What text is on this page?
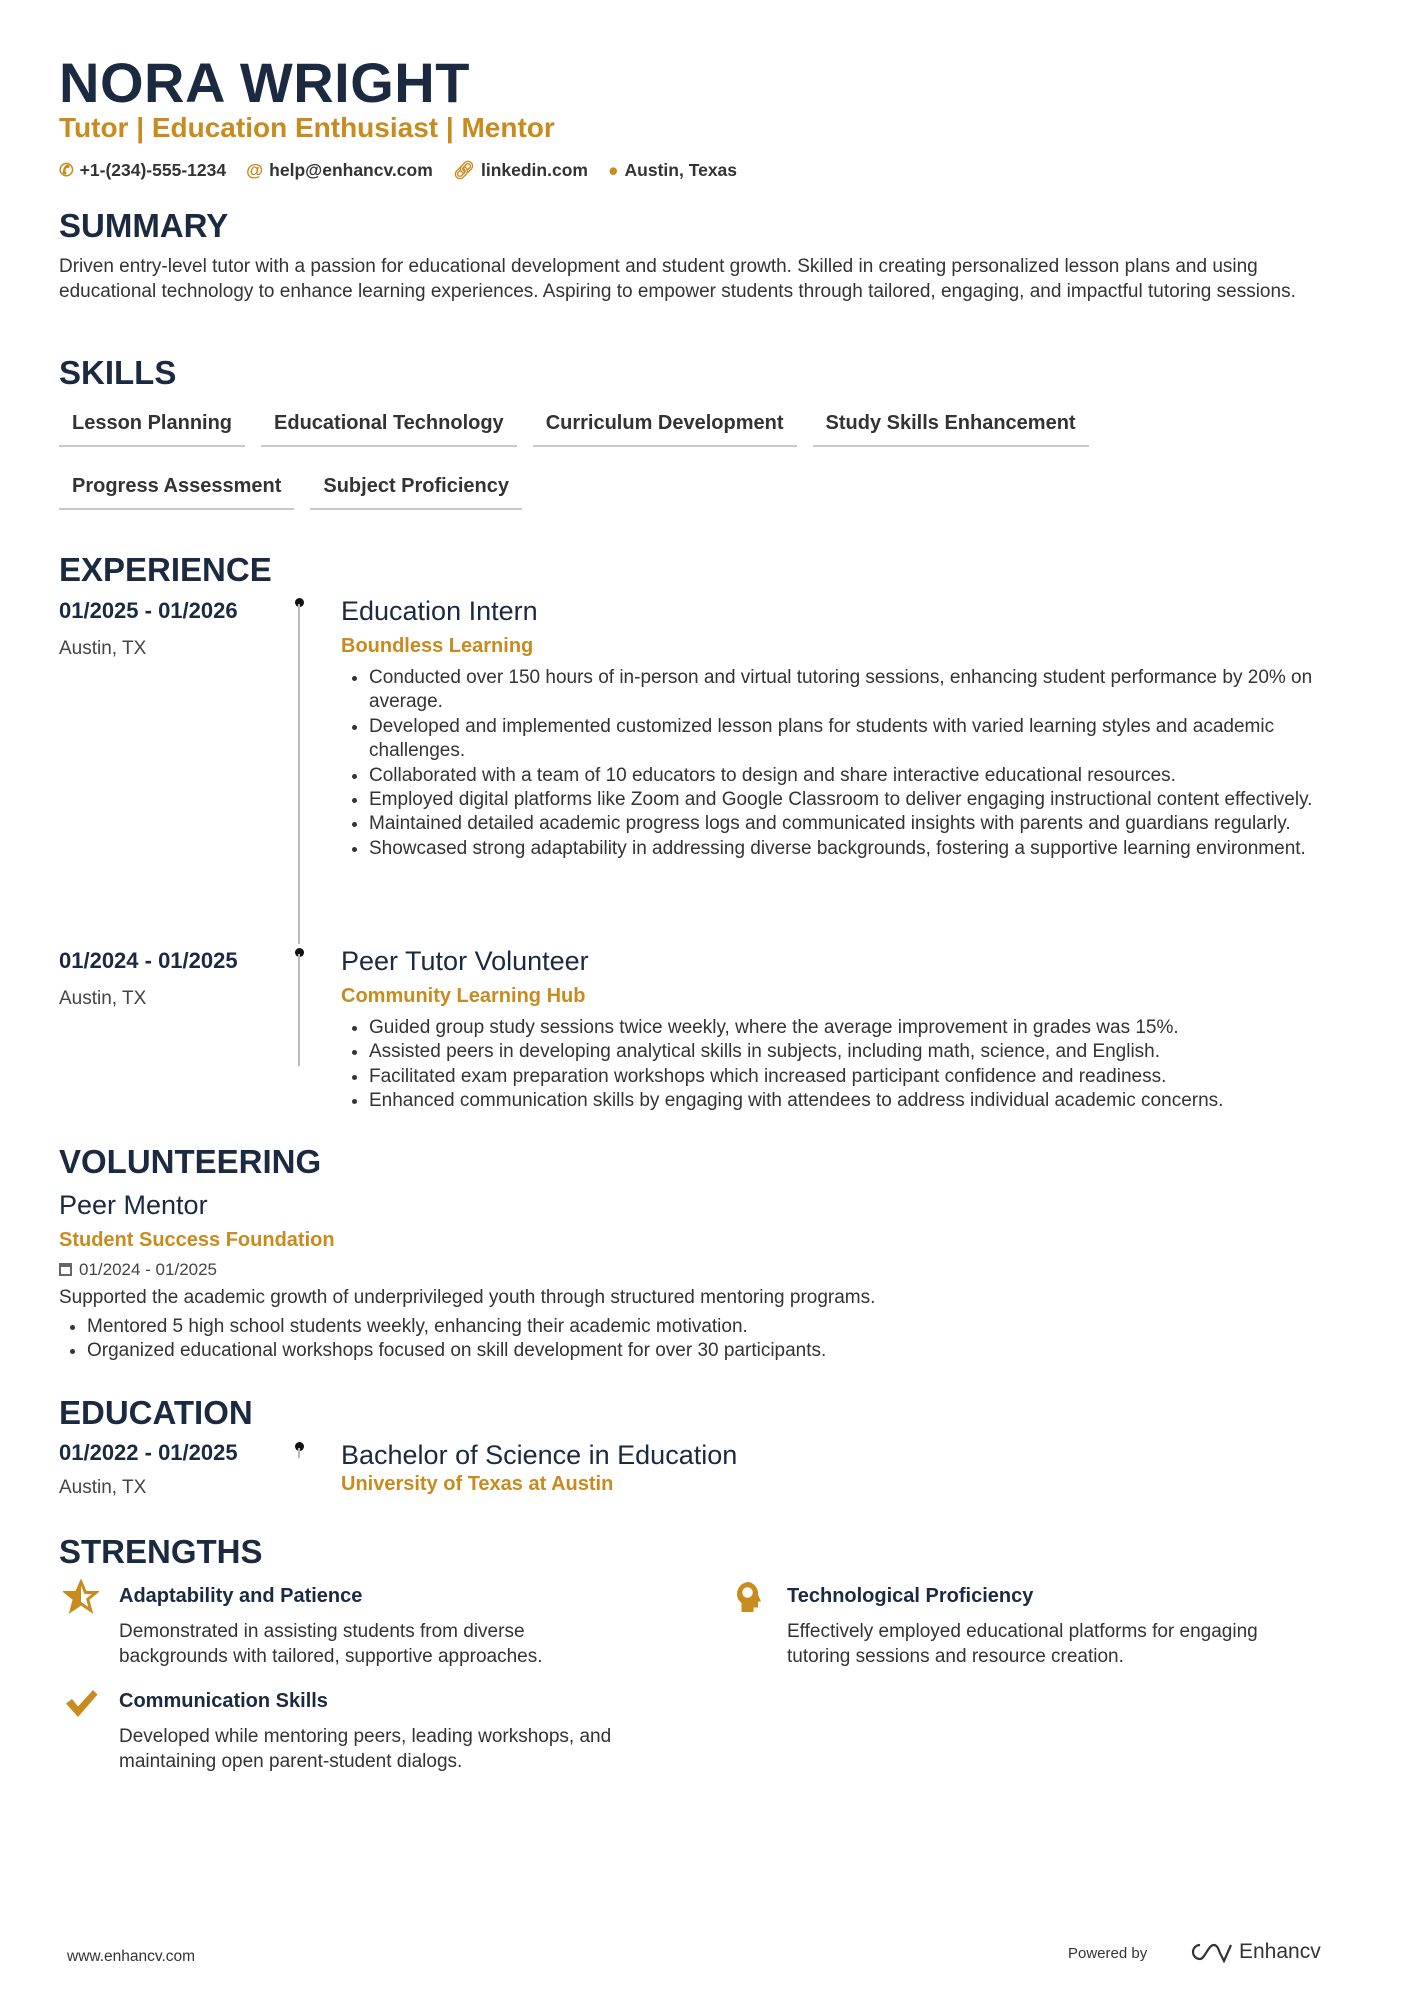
NORA WRIGHT
Tutor | Education Enthusiast | Mentor
✆ +1-(234)-555-1234 @ help@enhancv.com 🔗︎ linkedin.com ● Austin, Texas
SUMMARY
Driven entry-level tutor with a passion for educational development and student growth. Skilled in creating personalized lesson plans and using educational technology to enhance learning experiences. Aspiring to empower students through tailored, engaging, and impactful tutoring sessions.
SKILLS
Lesson Planning	Educational Technology	Curriculum Development	Study Skills Enhancement
Progress Assessment	Subject Proficiency
EXPERIENCE
01/2025 - 01/2026
Austin, TX
Education Intern
Boundless Learning
• Conducted over 150 hours of in-person and virtual tutoring sessions, enhancing student performance by 20% on average.
• Developed and implemented customized lesson plans for students with varied learning styles and academic challenges.
• Collaborated with a team of 10 educators to design and share interactive educational resources.
• Employed digital platforms like Zoom and Google Classroom to deliver engaging instructional content effectively.
• Maintained detailed academic progress logs and communicated insights with parents and guardians regularly.
• Showcased strong adaptability in addressing diverse backgrounds, fostering a supportive learning environment.
01/2024 - 01/2025
Austin, TX
Peer Tutor Volunteer
Community Learning Hub
• Guided group study sessions twice weekly, where the average improvement in grades was 15%.
• Assisted peers in developing analytical skills in subjects, including math, science, and English.
• Facilitated exam preparation workshops which increased participant confidence and readiness.
• Enhanced communication skills by engaging with attendees to address individual academic concerns.
VOLUNTEERING
Peer Mentor
Student Success Foundation
01/2024 - 01/2025
Supported the academic growth of underprivileged youth through structured mentoring programs.
• Mentored 5 high school students weekly, enhancing their academic motivation.
• Organized educational workshops focused on skill development for over 30 participants.
EDUCATION
01/2022 - 01/2025
Austin, TX
Bachelor of Science in Education
University of Texas at Austin
STRENGTHS
Adaptability and Patience
Demonstrated in assisting students from diverse backgrounds with tailored, supportive approaches.
Technological Proficiency
Effectively employed educational platforms for engaging tutoring sessions and resource creation.
Communication Skills
Developed while mentoring peers, leading workshops, and maintaining open parent-student dialogs.
www.enhancv.com	Powered by	Enhancv
